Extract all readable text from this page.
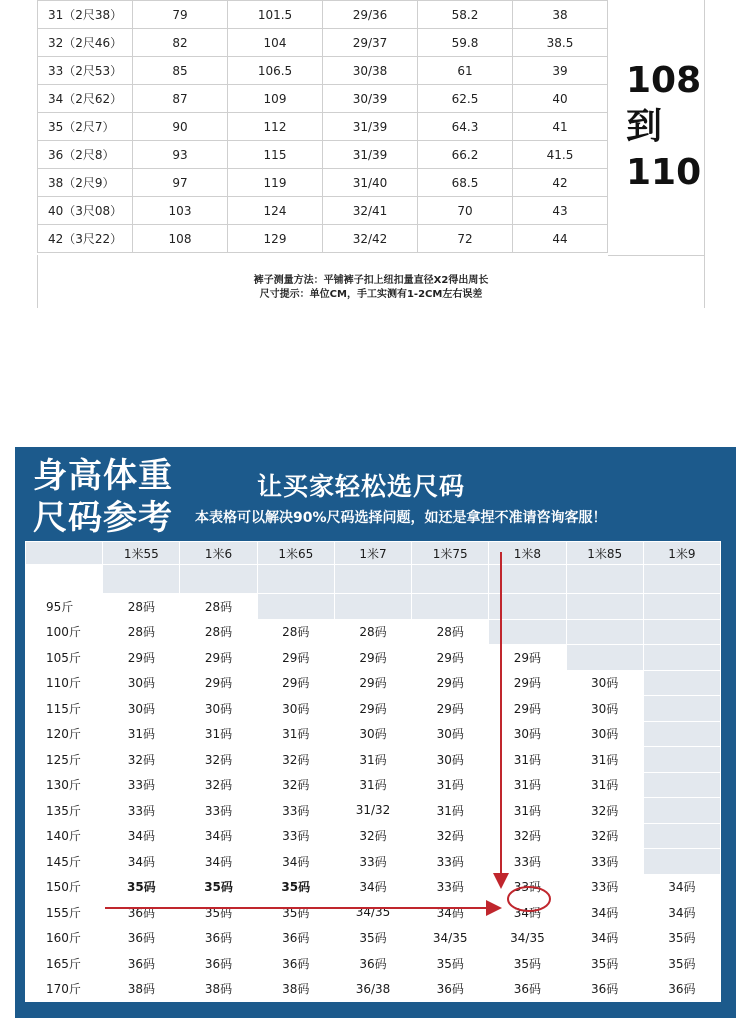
31（2尺38）	79	101.5	29/36	58.2	38
32（2尺46）	82	104	29/37	59.8	38.5
33（2尺53）	85	106.5	30/38	61	39
34（2尺62）	87	109	30/39	62.5	40
35（2尺7）	90	112	31/39	64.3	41
36（2尺8）	93	115	31/39	66.2	41.5
38（2尺9）	97	119	31/40	68.5	42
40（3尺08）	103	124	32/41	70	43
42（3尺22）	108	129	32/42	72	44
108
到
110
裤子测量方法：平铺裤子扣上纽扣量直径X2得出周长
尺寸提示：单位CM，手工实测有1-2CM左右误差
身高体重
尺码参考
让买家轻松选尺码
本表格可以解决90%尺码选择问题，如还是拿捏不准请咨询客服！
	1米55	1米6	1米65	1米7	1米75	1米8	1米85	1米9

95斤	28码	28码						
100斤	28码	28码	28码	28码	28码			
105斤	29码	29码	29码	29码	29码	29码		
110斤	30码	29码	29码	29码	29码	29码	30码	
115斤	30码	30码	30码	29码	29码	29码	30码	
120斤	31码	31码	31码	30码	30码	30码	30码	
125斤	32码	32码	32码	31码	30码	31码	31码	
130斤	33码	32码	32码	31码	31码	31码	31码	
135斤	33码	33码	33码	31/32	31码	31码	32码	
140斤	34码	34码	33码	32码	32码	32码	32码	
145斤	34码	34码	34码	33码	33码	33码	33码	
150斤	35码	35码	35码	34码	33码	33码	33码	34码
155斤	36码	35码	35码	34/35	34码	34码	34码	34码
160斤	36码	36码	36码	35码	34/35	34/35	34码	35码
165斤	36码	36码	36码	36码	35码	35码	35码	35码
170斤	38码	38码	38码	36/38	36码	36码	36码	36码
